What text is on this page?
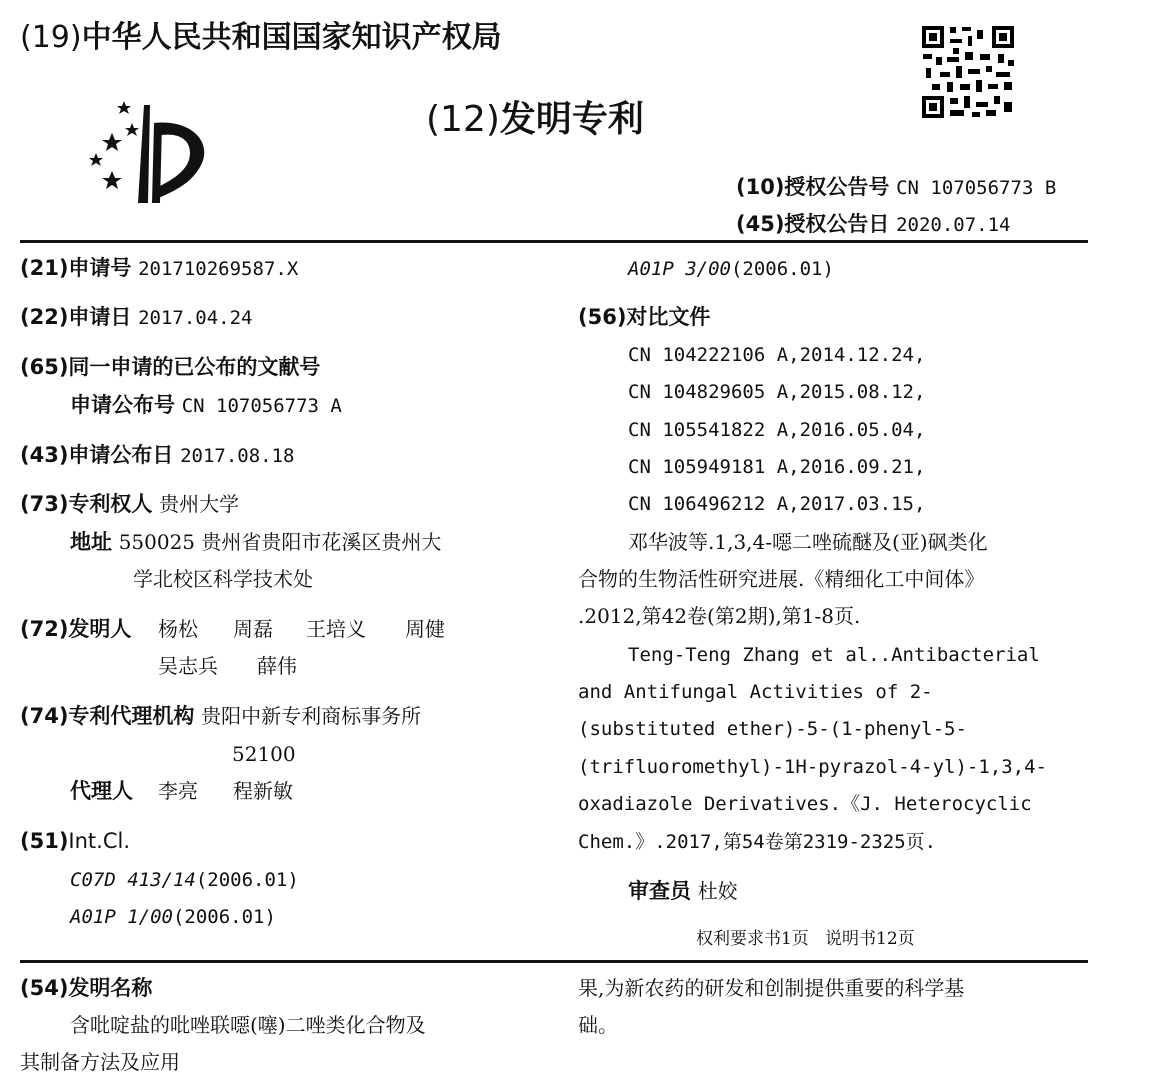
(19)中华人民共和国国家知识产权局
(12)发明专利
(10)授权公告号 CN 107056773 B
(45)授权公告日 2020.07.14
(21)申请号 201710269587.X
(22)申请日 2017.04.24
(65)同一申请的已公布的文献号
申请公布号 CN 107056773 A
(43)申请公布日 2017.08.18
(73)专利权人 贵州大学
地址 550025 贵州省贵阳市花溪区贵州大
学北校区科学技术处
(72)发明人 杨松 周磊 王培义 周健
吴志兵 薛伟
(74)专利代理机构 贵阳中新专利商标事务所
52100
代理人 李亮 程新敏
(51)Int.Cl.
C07D 413/14(2006.01)
A01P 1/00(2006.01)
A01P 3/00(2006.01)
(56)对比文件
CN 104222106 A,2014.12.24,
CN 104829605 A,2015.08.12,
CN 105541822 A,2016.05.04,
CN 105949181 A,2016.09.21,
CN 106496212 A,2017.03.15,
邓华波等.1,3,4-噁二唑硫醚及(亚)砜类化
合物的生物活性研究进展.《精细化工中间体》
.2012,第42卷(第2期),第1-8页.
Teng-Teng Zhang et al..Antibacterial
and Antifungal Activities of 2-
(substituted ether)-5-(1-phenyl-5-
(trifluoromethyl)-1H-pyrazol-4-yl)-1,3,4-
oxadiazole Derivatives.《J. Heterocyclic
Chem.》.2017,第54卷第2319-2325页.
审查员 杜姣
权利要求书1页   说明书12页
(54)发明名称
含吡啶盐的吡唑联噁(噻)二唑类化合物及
其制备方法及应用
果,为新农药的研发和创制提供重要的科学基
础。
